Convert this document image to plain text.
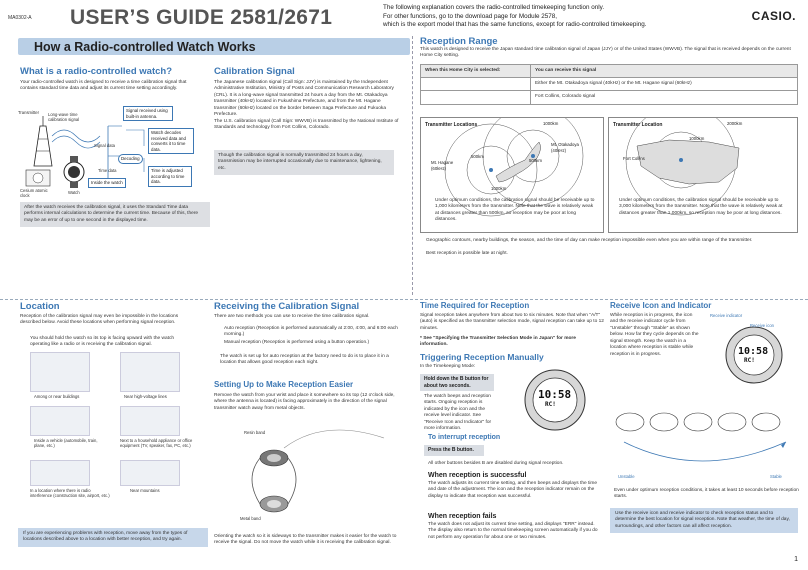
MA0302-A USER’S GUIDE 2581/2671	The following explanation covers the radio-controlled timekeeping function only.
For other functions, go to the download page for Module 2578,
which is the export model that has the same functions, except for radio-controlled timekeeping.
CASIO.
How a Radio-controlled Watch Works
What is a radio-controlled watch?
Your radio-controlled watch is designed to receive a time calibration signal that contains standard time data and adjust its current time setting accordingly.
Transmitter Long-wave time calibration signal
Cesium atomic clock
Watch
Signal data
Decoding
Time data
Inside the watch
Signal received using built-in antenna.
Watch decodes received data and converts it to time data.
Time is adjusted according to time data.
After the watch receives the calibration signal, it uses the Standard Time data performs internal calculations to determine the current time. Because of this, there may be an error of up to one second in the displayed time.
Calibration Signal
The Japanese calibration signal (Call Sign: JJY) is maintained by the Independent Administrative Institution, Ministry of Posts and Communication Research Laboratory (CRL). It is a long-wave signal transmitted 24 hours a day from the Mt. Otakadoya transmitter (40kHz) located in Fukushima Prefecture, and from the Mt. Hagane transmitter (60kHz) located on the border between Saga Prefecture and Fukuoka Prefecture.
The U.S. calibration signal (Call Sign: WWVB) is transmitted by the National Institute of Standards and technology from Fort Collins, Colorado.
Though the calibration signal is normally transmitted 24 hours a day, transmission may be interrupted occasionally due to maintenance, lightening, etc.
Reception Range
This watch is designed to receive the Japan standard time calibration signal of Japan (JJY) or of the United States (WWVB). The signal that is received depends on the current Home City setting.
When this Home City is selected:	You can receive this signal
	Either the Mt. Otakadoya signal (40kHz) or the Mt. Hagane signal (60kHz)
	Fort Collins, Colorado signal
Transmitter Locations	1000km
500km
500km
1000km
Mt. Hagane (60kHz)
Mt. Otakadoya (40kHz)
Under optimum conditions, the calibration signal should be receivable up to 1,000 kilometers from the transmitter. Note that the wave is relatively weak at distances greater than 500km, so reception may be poor at long distances.
Transmitter Location	2000km
1000km
Fort Collins
Under optimum conditions, the calibration signal should be receivable up to 3,000 kilometers from the transmitter. Note that the wave is relatively weak at distances greater than 1,000km, so reception may be poor at long distances.
Geographic contours, nearby buildings, the season, and the time of day can make reception impossible even when you are within range of the transmitter.
Best reception is possible late at night.
Location
Reception of the calibration signal may even be impossible in the locations described below. Avoid these locations when performing signal reception.
You should hold the watch so its top is facing upward with the watch operating like a radio or is receiving the calibration signal.
Among or near buildings	Near high-voltage lines
Inside a vehicle (automobile, train, plane, etc.)
Next to a household appliance or office equipment (TV, speaker, fax, PC, etc.)
In a location where there is radio interference (construction site, airport, etc.)
Near mountains
If you are experiencing problems with reception, move away from the types of locations described above to a location with better reception, and try again.
Receiving the Calibration Signal
There are two methods you can use to receive the time calibration signal.
Auto reception (Reception is performed automatically at 2:00, 4:00, and 6:00 each morning.)
Manual reception (Reception is performed using a button operation.)
The watch is set up for auto reception at the factory need to do is to place it in a location that allows good reception each night.
Setting Up to Make Reception Easier
Remove the watch from your wrist and place it somewhere so its top (12 o'clock side, where the antenna is located) is facing approximately in the direction of the signal transmitter watch away from metal objects.
Resin band
Metal band
Orienting the watch so it is sideways to the transmitter makes it easier for the watch to receive the signal. Do not move the watch while it is receiving the calibration signal.
Time Required for Reception
Signal reception takes anywhere from about two to six minutes. Note that when "A/T" (auto) is specified as the transmitter selection mode, signal reception can take up to 12 minutes.
* See "Specifying the Transmitter Selection Mode in Japan" for more information.
Triggering Reception Manually
In the Timekeeping Mode:
Hold down the B button for about two seconds.
The watch beeps and reception starts. Ongoing reception is indicated by the icon and the receive level indicator. See "Receive Icon and Indicator" for more information.
10:58
RC!
To interrupt reception
Press the B button.
All other buttons besides B are disabled during signal reception.
When reception is successful
The watch adjusts its current time setting, and then beeps and displays the time and date of the adjustment. The icon and the reception indicator remain on the display to indicate that reception was successful.
When reception fails
The watch does not adjust its current time setting, and displays "ERR" instead. The display also return to the normal timekeeping screen automatically if you do not perform any operation for about one or two minutes.
Receive Icon and Indicator
While reception is in progress, the icon and the receive indicator cycle from "Unstable" through "Stable" as shown below. How far they cycle depends on the signal strength. Keep the watch in a location where reception is stable while reception is in progress.
Receive indicator
Receive icon
10:58
RC!
Unstable	Stable
Even under optimum reception conditions, it takes at least 10 seconds before reception starts.
Use the receive icon and receive indicator to check reception status and to determine the best location for signal reception. Note that weather, the time of day, surroundings, and other factors can all affect reception.
1
